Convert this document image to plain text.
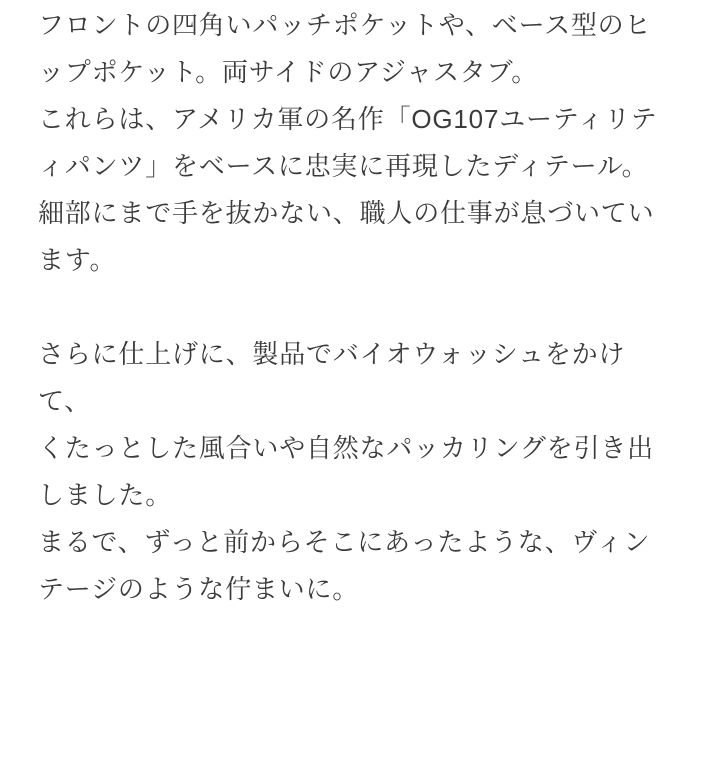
フロントの四角いパッチポケットや、ベース型のヒップポケット。両サイドのアジャスタブ。

これらは、アメリカ軍の名作「OG107ユーティリティパンツ」をベースに忠実に再現したディテール。

細部にまで手を抜かない、職人の仕事が息づいています。

さらに仕上げに、製品でバイオウォッシュをかけて、

くたっとした風合いや自然なパッカリングを引き出しました。

まるで、ずっと前からそこにあったような、ヴィンテージのような佇まいに。
